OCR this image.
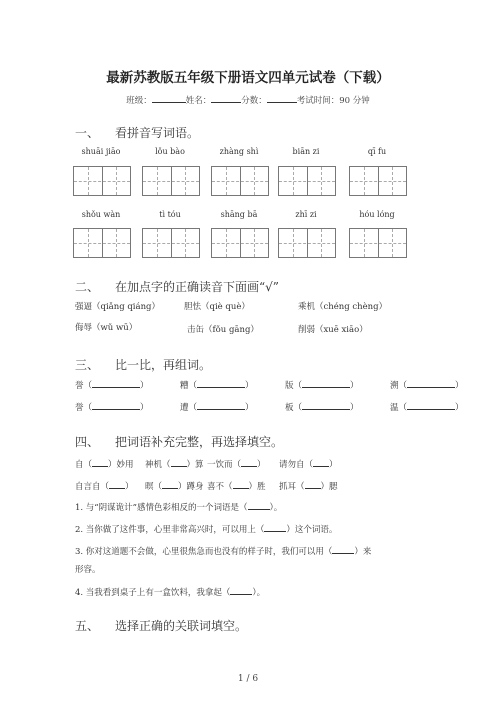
最新苏教版五年级下册语文四单元试卷（下载）
班级：	姓名：	分数：	考试时间：90 分钟
一、 看拼音写词语。
二、 在加点字的正确读音下面画“√”
强逼（qiǎng qiáng）	胆怯（qiè què）	乘机（chéng chèng）
侮辱（wǔ wū）	击缶（fǒu gāng）	削弱（xuē xiāo）
三、 比一比，再组词。
誉（	）	糟（	）	版（	）	溯（	）
誉（	）	遭（	）	板（	）	温（	）
四、 把词语补充完整，再选择填空。
自（ ）妙用 神机（ ）算 一饮而（ ） 请勿自（ ）
自言自（ ） 暝（ ）蹲身 喜不（ ）胜 抓耳（ ）腮
1. 与“阴谋诡计”感情色彩相反的一个词语是（	）。
2. 当你做了这件事，心里非常高兴时，可以用上（	）这个词语。
3. 你对这道题不会做，心里很焦急而也没有的样子时，我们可以用（	）来
形容。
4. 当我看到桌子上有一盒饮料，我拿起（	）。
五、 选择正确的关联词填空。
1 / 6
shuāi jiāo	lǒu bào	zhàng shì	biān zi	qī fu
shǒu wàn	tì tóu	shāng bā	zhī zi	hóu lóng
